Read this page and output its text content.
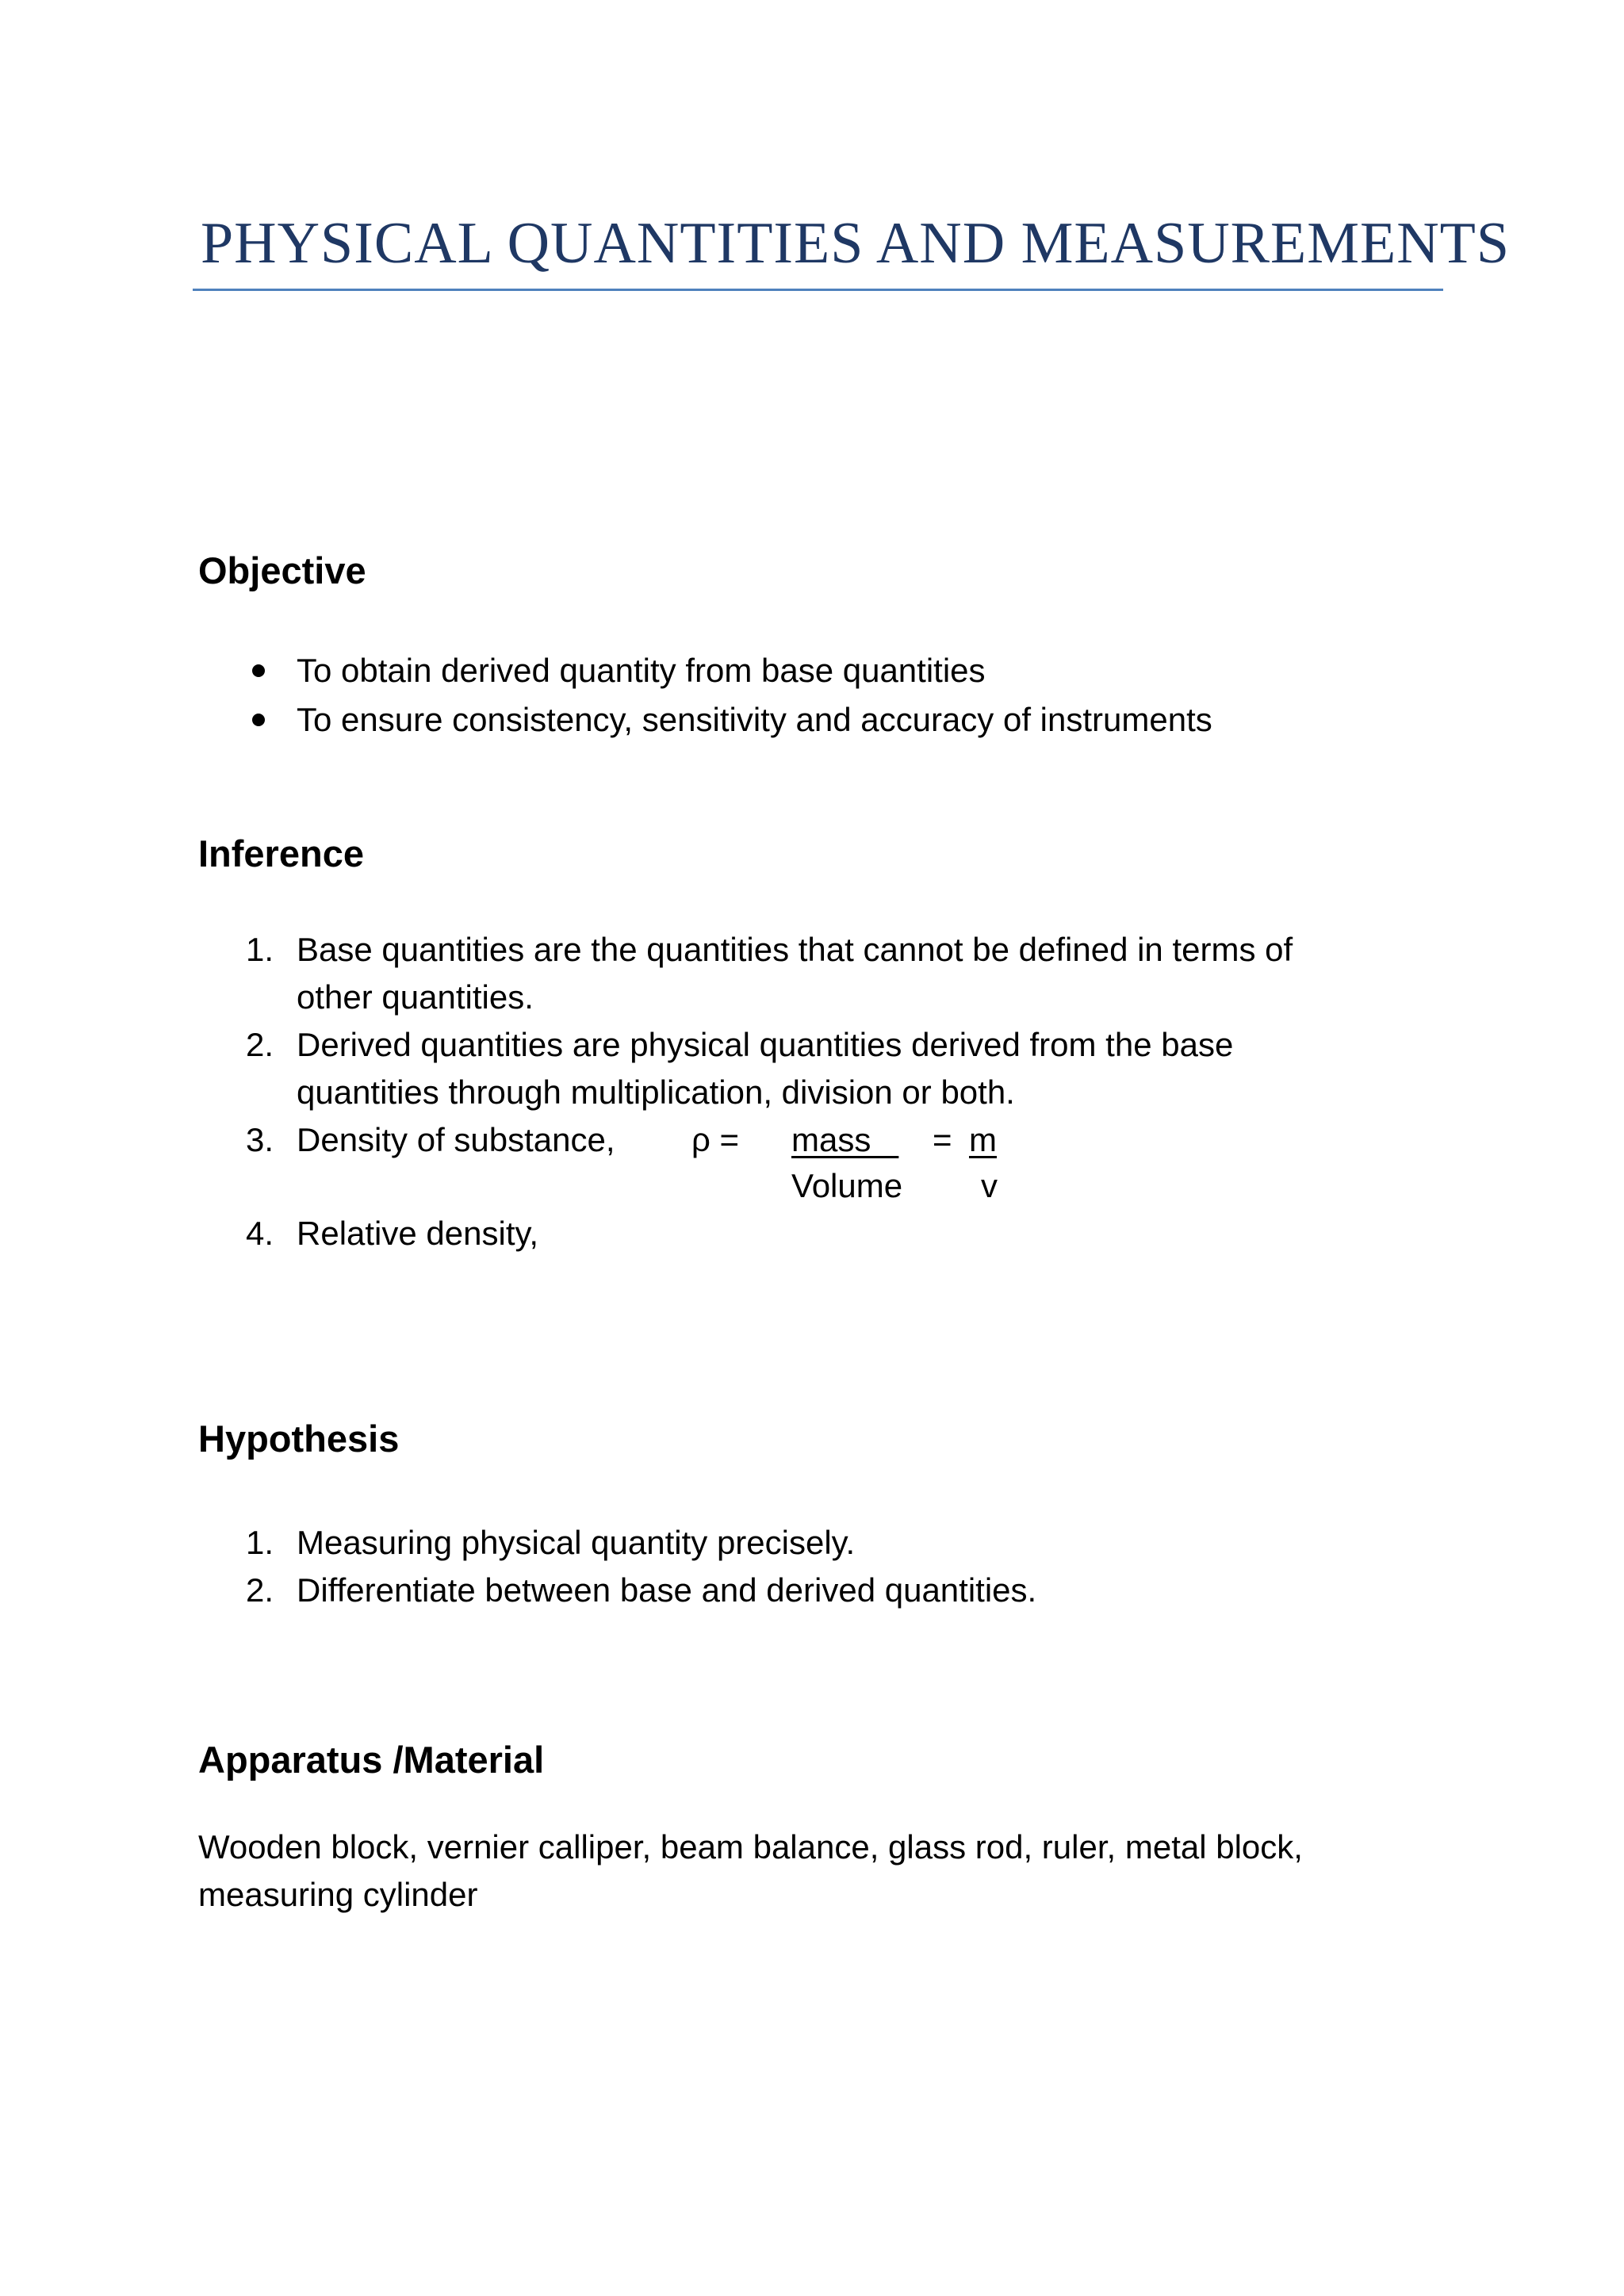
PHYSICAL QUANTITIES AND MEASUREMENTS
Objective
To obtain derived quantity from base quantities
To ensure consistency, sensitivity and accuracy of instruments
Inference
1. Base quantities are the quantities that cannot be defined in terms of
other quantities.
2. Derived quantities are physical quantities derived from the base
quantities through multiplication, division or both.
3. Density of substance, ρ = mass = m
Volume v
4. Relative density,
Hypothesis
1. Measuring physical quantity precisely.
2. Differentiate between base and derived quantities.
Apparatus /Material
Wooden block, vernier calliper, beam balance, glass rod, ruler, metal block,
measuring cylinder
